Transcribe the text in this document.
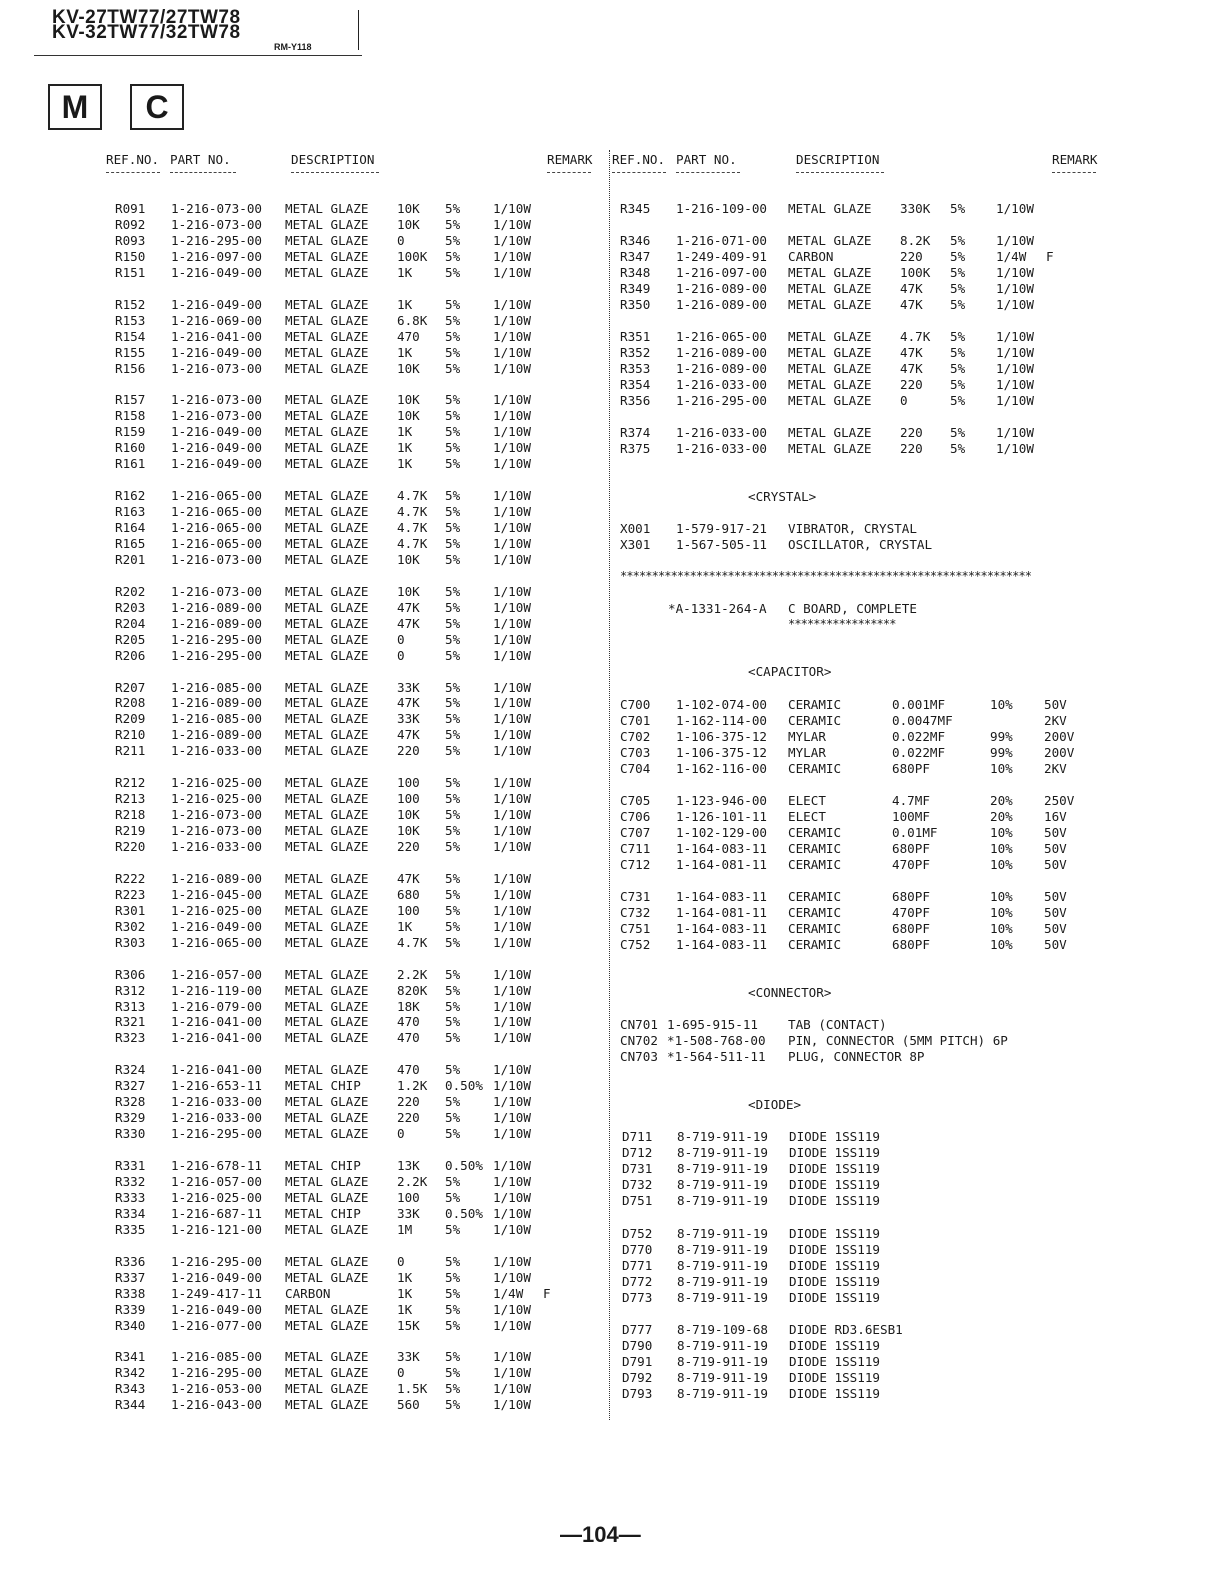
KV-27TW77/27TW78

KV-32TW77/32TW78

RM-Y118
M	C
REF.NO. PART NO.	DESCRIPTION	REMARK REF.NO. PART NO.	DESCRIPTION	REMARK
R091 1-216-073-00 METAL GLAZE 10K 5%	1/10W
R092 1-216-073-00 METAL GLAZE 10K 5%	1/10W
R093 1-216-295-00 METAL GLAZE 0	5%	1/10W
R150 1-216-097-00 METAL GLAZE 100K 5%	1/10W
R151 1-216-049-00 METAL GLAZE 1K	5%	1/10W
R152 1-216-049-00 METAL GLAZE 1K	5%	1/10W
R153 1-216-069-00 METAL GLAZE 6.8K 5%	1/10W
R154 1-216-041-00 METAL GLAZE 470 5%	1/10W
R155 1-216-049-00 METAL GLAZE 1K	5%	1/10W
R156 1-216-073-00 METAL GLAZE 10K 5%	1/10W
R157 1-216-073-00 METAL GLAZE 10K 5%	1/10W
R158 1-216-073-00 METAL GLAZE 10K 5%	1/10W
R159 1-216-049-00 METAL GLAZE 1K	5%	1/10W
R160 1-216-049-00 METAL GLAZE 1K	5%	1/10W
R161 1-216-049-00 METAL GLAZE 1K	5%	1/10W
R162 1-216-065-00 METAL GLAZE 4.7K 5%	1/10W
R163 1-216-065-00 METAL GLAZE 4.7K 5%	1/10W
R164 1-216-065-00 METAL GLAZE 4.7K 5%	1/10W
R165 1-216-065-00 METAL GLAZE 4.7K 5%	1/10W
R201 1-216-073-00 METAL GLAZE 10K 5%	1/10W
R202 1-216-073-00 METAL GLAZE 10K 5%	1/10W
R203 1-216-089-00 METAL GLAZE 47K 5%	1/10W
R204 1-216-089-00 METAL GLAZE 47K 5%	1/10W
R205 1-216-295-00 METAL GLAZE 0	5%	1/10W
R206 1-216-295-00 METAL GLAZE 0	5%	1/10W
R207 1-216-085-00 METAL GLAZE 33K 5%	1/10W
R208 1-216-089-00 METAL GLAZE 47K 5%	1/10W
R209 1-216-085-00 METAL GLAZE 33K 5%	1/10W
R210 1-216-089-00 METAL GLAZE 47K 5%	1/10W
R211 1-216-033-00 METAL GLAZE 220 5%	1/10W
R212 1-216-025-00 METAL GLAZE 100 5%	1/10W
R213 1-216-025-00 METAL GLAZE 100 5%	1/10W
R218 1-216-073-00 METAL GLAZE 10K 5%	1/10W
R219 1-216-073-00 METAL GLAZE 10K 5%	1/10W
R220 1-216-033-00 METAL GLAZE 220 5%	1/10W
R222 1-216-089-00 METAL GLAZE 47K 5%	1/10W
R223 1-216-045-00 METAL GLAZE 680 5%	1/10W
R301 1-216-025-00 METAL GLAZE 100 5%	1/10W
R302 1-216-049-00 METAL GLAZE 1K	5%	1/10W
R303 1-216-065-00 METAL GLAZE 4.7K 5%	1/10W
R306 1-216-057-00 METAL GLAZE 2.2K 5%	1/10W
R312 1-216-119-00 METAL GLAZE 820K 5%	1/10W
R313 1-216-079-00 METAL GLAZE 18K 5%	1/10W
R321 1-216-041-00 METAL GLAZE 470 5%	1/10W
R323 1-216-041-00 METAL GLAZE 470 5%	1/10W
R324 1-216-041-00 METAL GLAZE 470 5%	1/10W
R327 1-216-653-11 METAL CHIP	1.2K 0.50% 1/10W
R328 1-216-033-00 METAL GLAZE 220 5%	1/10W
R329 1-216-033-00 METAL GLAZE 220 5%	1/10W
R330 1-216-295-00 METAL GLAZE 0	5%	1/10W
R331 1-216-678-11 METAL CHIP	13K 0.50% 1/10W
R332 1-216-057-00 METAL GLAZE 2.2K 5%	1/10W
R333 1-216-025-00 METAL GLAZE 100 5%	1/10W
R334 1-216-687-11 METAL CHIP	33K 0.50% 1/10W
R335 1-216-121-00 METAL GLAZE 1M	5%	1/10W
R336 1-216-295-00 METAL GLAZE 0	5%	1/10W
R337 1-216-049-00 METAL GLAZE 1K	5%	1/10W
R338 1-249-417-11 CARBON	1K	5%	1/4W F
R339 1-216-049-00 METAL GLAZE 1K	5%	1/10W
R340 1-216-077-00 METAL GLAZE 15K 5%	1/10W
R341 1-216-085-00 METAL GLAZE 33K 5%	1/10W
R342 1-216-295-00 METAL GLAZE 0	5%	1/10W
R343 1-216-053-00 METAL GLAZE 1.5K 5%	1/10W
R344 1-216-043-00 METAL GLAZE 560 5%	1/10W
R345 1-216-109-00 METAL GLAZE 330K 5% 1/10W
R346 1-216-071-00 METAL GLAZE 8.2K 5% 1/10W
R347 1-249-409-91 CARBON	220 5% 1/4W F
R348 1-216-097-00 METAL GLAZE 100K 5% 1/10W
R349 1-216-089-00 METAL GLAZE 47K 5% 1/10W
R350 1-216-089-00 METAL GLAZE 47K 5% 1/10W
R351 1-216-065-00 METAL GLAZE 4.7K 5% 1/10W
R352 1-216-089-00 METAL GLAZE 47K 5% 1/10W
R353 1-216-089-00 METAL GLAZE 47K 5% 1/10W
R354 1-216-033-00 METAL GLAZE 220 5% 1/10W
R356 1-216-295-00 METAL GLAZE 0	5% 1/10W
R374 1-216-033-00 METAL GLAZE 220 5% 1/10W
R375 1-216-033-00 METAL GLAZE 220 5% 1/10W
<CRYSTAL>
X001 1-579-917-21 VIBRATOR, CRYSTAL
X301 1-567-505-11 OSCILLATOR, CRYSTAL
*****************************************************************
*A-1331-264-A C BOARD, COMPLETE
*****************
<CAPACITOR>
C700 1-102-074-00 CERAMIC	0.001MF	10% 50V
C701 1-162-114-00 CERAMIC	0.0047MF	2KV
C702 1-106-375-12 MYLAR	0.022MF	99% 200V
C703 1-106-375-12 MYLAR	0.022MF	99% 200V
C704 1-162-116-00 CERAMIC	680PF	10% 2KV
C705 1-123-946-00 ELECT	4.7MF	20% 250V
C706 1-126-101-11 ELECT	100MF	20% 16V
C707 1-102-129-00 CERAMIC	0.01MF	10% 50V
C711 1-164-083-11 CERAMIC	680PF	10% 50V
C712 1-164-081-11 CERAMIC	470PF	10% 50V
C731 1-164-083-11 CERAMIC	680PF	10% 50V
C732 1-164-081-11 CERAMIC	470PF	10% 50V
C751 1-164-083-11 CERAMIC	680PF	10% 50V
C752 1-164-083-11 CERAMIC	680PF	10% 50V
<CONNECTOR>
CN701 1-695-915-11 TAB (CONTACT)
CN702 *1-508-768-00 PIN, CONNECTOR (5MM PITCH) 6P
CN703 *1-564-511-11 PLUG, CONNECTOR 8P
<DIODE>
D711 8-719-911-19 DIODE 1SS119
D712 8-719-911-19 DIODE 1SS119
D731 8-719-911-19 DIODE 1SS119
D732 8-719-911-19 DIODE 1SS119
D751 8-719-911-19 DIODE 1SS119
D752 8-719-911-19 DIODE 1SS119
D770 8-719-911-19 DIODE 1SS119
D771 8-719-911-19 DIODE 1SS119
D772 8-719-911-19 DIODE 1SS119
D773 8-719-911-19 DIODE 1SS119
D777 8-719-109-68 DIODE RD3.6ESB1
D790 8-719-911-19 DIODE 1SS119
D791 8-719-911-19 DIODE 1SS119
D792 8-719-911-19 DIODE 1SS119
D793 8-719-911-19 DIODE 1SS119
—104—
